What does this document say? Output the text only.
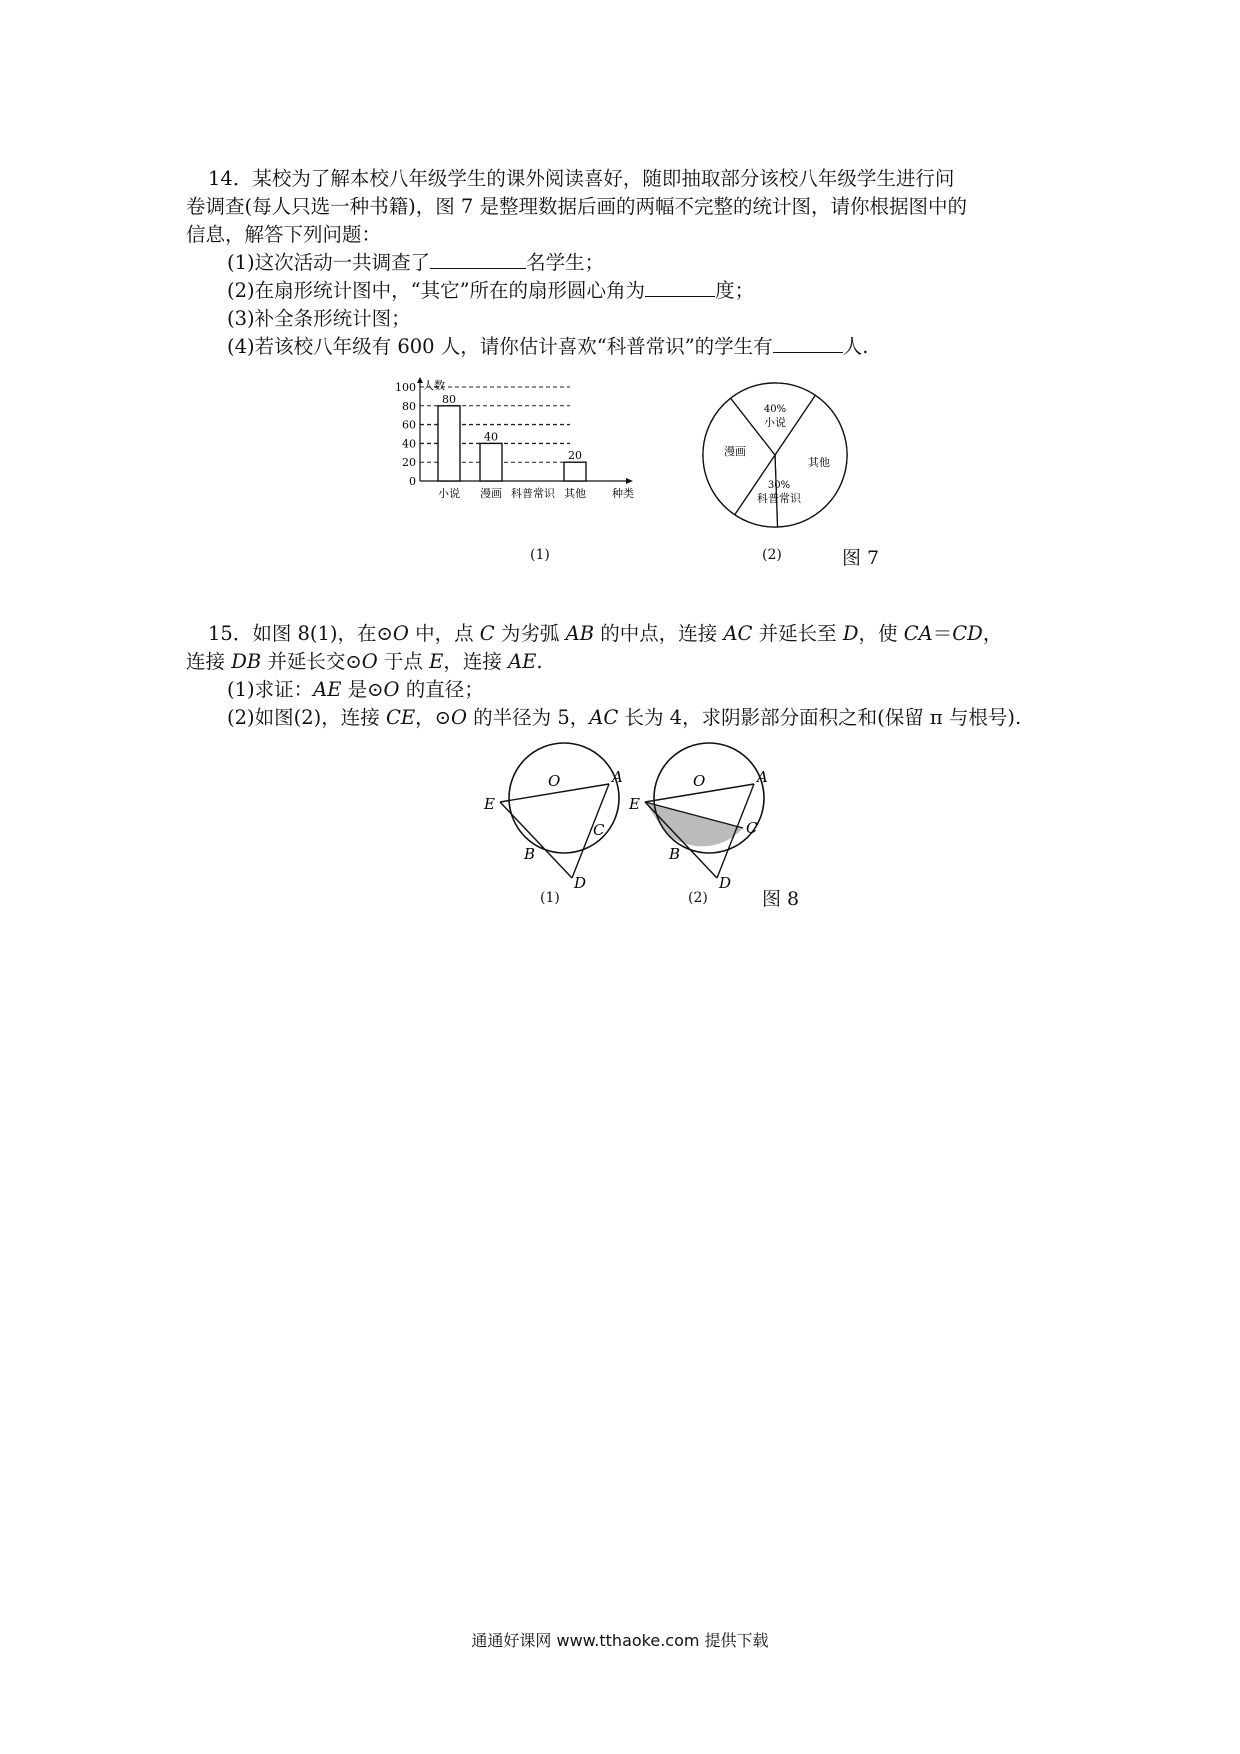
14．某校为了解本校八年级学生的课外阅读喜好，随即抽取部分该校八年级学生进行问
卷调查(每人只选一种书籍)，图 7 是整理数据后画的两幅不完整的统计图，请你根据图中的
信息，解答下列问题：
(1)这次活动一共调查了	名学生；
(2)在扇形统计图中，“其它”所在的扇形圆心角为	度；
(3)补全条形统计图；
(4)若该校八年级有 600 人，请你估计喜欢“科普常识”的学生有	人.
0
20
40
60
80
100 人数
种类
80
小说
40
漫画 科普常识
20
其他
(1)
40%
小说
其他
30%
科普常识
漫画
(2)	图 7
15．如图 8(1)，在⊙O 中，点 C 为劣弧 AB 的中点，连接 AC 并延长至 D，使 CA＝CD，
连接 DB 并延长交⊙O 于点 E，连接 AE.
(1)求证：AE 是⊙O 的直径；
(2)如图(2)，连接 CE，⊙O 的半径为 5，AC 长为 4，求阴影部分面积之和(保留 π 与根号).
O	A
E
C
B
D
(1)
O	A
E
C
B
D
(2)	图 8
通通好课网 www.tthaoke.com 提供下载
